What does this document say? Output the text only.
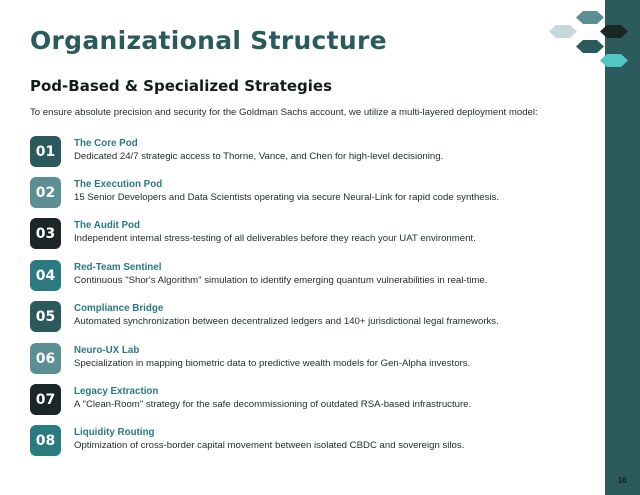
Organizational Structure
Pod-Based & Specialized Strategies

To ensure absolute precision and security for the Goldman Sachs account, we utilize a multi-layered deployment model:

01	The Core Pod

Dedicated 24/7 strategic access to Thorne, Vance, and Chen for high-level decisioning.

02	The Execution Pod

15 Senior Developers and Data Scientists operating via secure Neural-Link for rapid code synthesis.

03	The Audit Pod

Independent internal stress-testing of all deliverables before they reach your UAT environment.

04	Red-Team Sentinel

Continuous "Shor's Algorithm" simulation to identify emerging quantum vulnerabilities in real-time.

05	Compliance Bridge

Automated synchronization between decentralized ledgers and 140+ jurisdictional legal frameworks.

06	Neuro-UX Lab

Specialization in mapping biometric data to predictive wealth models for Gen-Alpha investors.

07	Legacy Extraction

A "Clean-Room" strategy for the safe decommissioning of outdated RSA-based infrastructure.

08	Liquidity Routing

Optimization of cross-border capital movement between isolated CBDC and sovereign silos.

16
